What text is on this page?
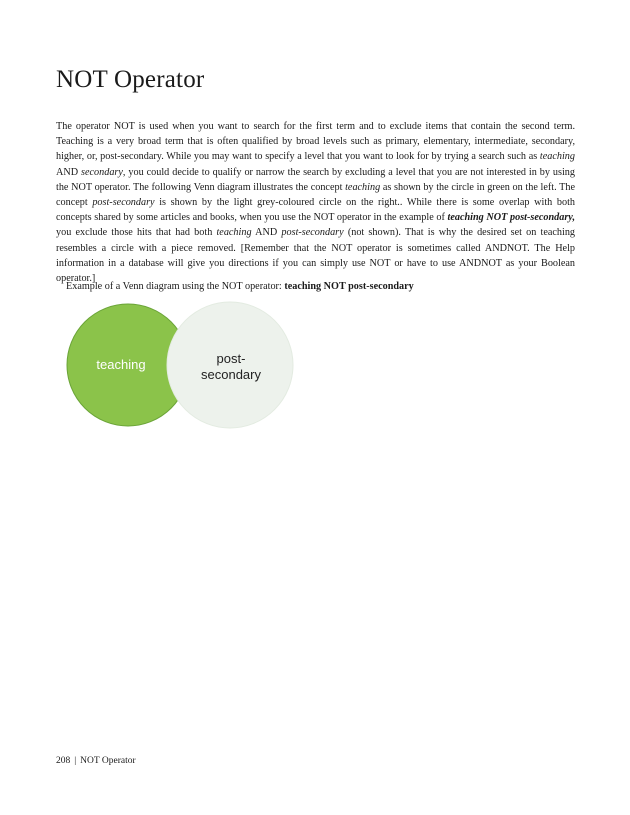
NOT Operator

The operator NOT is used when you want to search for the first term and to exclude items that contain the second term. Teaching is a very broad term that is often qualified by broad levels such as primary, elementary, intermediate, secondary, higher, or, post-secondary. While you may want to specify a level that you want to look for by trying a search such as teaching AND secondary, you could decide to qualify or narrow the search by excluding a level that you are not interested in by using the NOT operator. The following Venn diagram illustrates the concept teaching as shown by the circle in green on the left. The concept post-secondary is shown by the light grey-coloured circle on the right.. While there is some overlap with both concepts shared by some articles and books, when you use the NOT operator in the example of teaching NOT post-secondary, you exclude those hits that had both teaching AND post-secondary (not shown). That is why the desired set on teaching resembles a circle with a piece removed. [Remember that the NOT operator is sometimes called ANDNOT. The Help information in a database will give you directions if you can simply use NOT or have to use ANDNOT as your Boolean operator.]

Example of a Venn diagram using the NOT operator: teaching NOT post-secondary

teaching	post-
secondary

208 | NOT Operator
